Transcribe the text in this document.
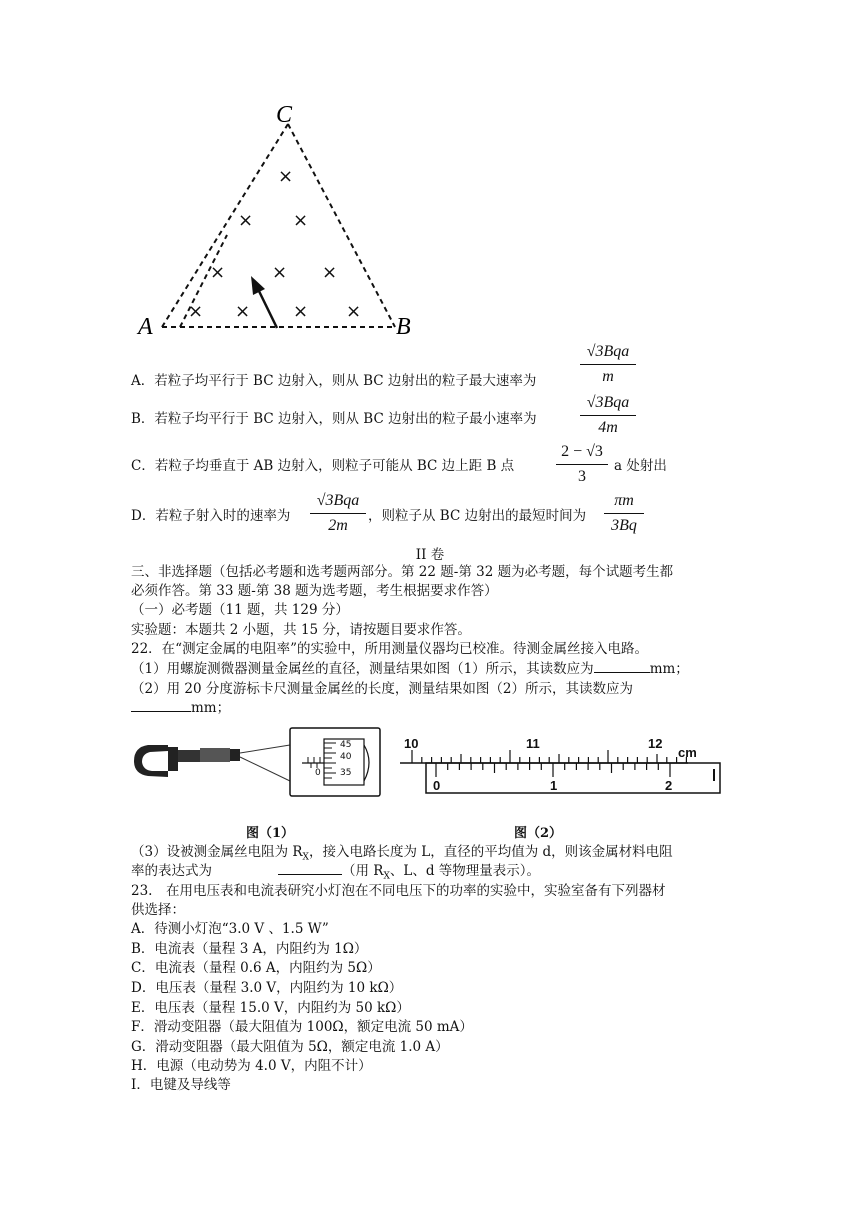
C
A	B
×
× ×
×	× ×
× × × ×
A．若粒子均平行于 BC 边射入，则从 BC 边射出的粒子最大速率为
√3Bqa
m
B．若粒子均平行于 BC 边射入，则从 BC 边射出的粒子最小速率为
√3Bqa
4m
C．若粒子均垂直于 AB 边射入，则粒子可能从 BC 边上距 B 点
2 − √3
3
a 处射出
D．若粒子射入时的速率为
√3Bqa
2m
，则粒子从 BC 边射出的最短时间为
πm
3Bq
II 卷
三、非选择题（包括必考题和选考题两部分。第 22 题-第 32 题为必考题，每个试题考生都
必须作答。第 33 题-第 38 题为选考题，考生根据要求作答）
（一）必考题（11 题，共 129 分）
实验题：本题共 2 小题，共 15 分，请按题目要求作答。
22．在“测定金属的电阻率”的实验中，所用测量仪器均已校准。待测金属丝接入电路。
（1）用螺旋测微器测量金属丝的直径，测量结果如图（1）所示，其读数应为	mm；
（2）用 20 分度游标卡尺测量金属丝的长度，测量结果如图（2）所示，其读数应为
mm；
45
40
0 35
10	11	12
cm
0	1	2
图（1）	图（2）
（3）设被测金属丝电阻为 $R_X$，接入电路长度为 L，直径的平均值为 d，则该金属材料电阻
率的表达式为	（用 $R_X$、L、d 等物理量表示）。
23.　在用电压表和电流表研究小灯泡在不同电压下的功率的实验中，实验室备有下列器材
供选择：
A．待测小灯泡“3.0 V 、1.5 W”
B．电流表（量程 3 A，内阻约为 1Ω）
C．电流表（量程 0.6 A，内阻约为 5Ω）
D．电压表（量程 3.0 V，内阻约为 10 kΩ）
E．电压表（量程 15.0 V，内阻约为 50 kΩ）
F．滑动变阻器（最大阻值为 100Ω，额定电流 50 mA）
G．滑动变阻器（最大阻值为 5Ω，额定电流 1.0 A）
H．电源（电动势为 4.0 V，内阻不计）
I．电键及导线等
